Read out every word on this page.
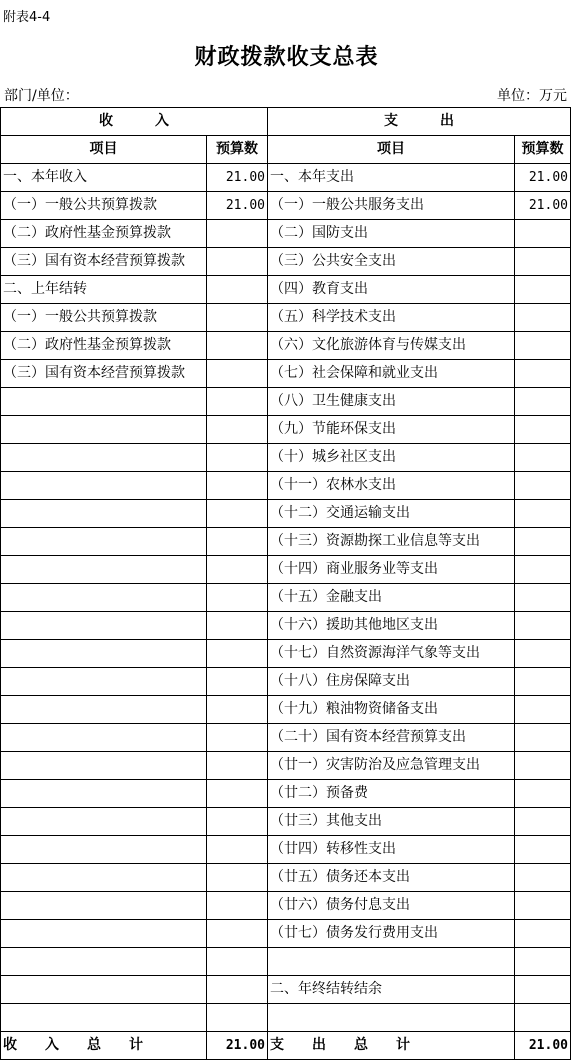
附表4-4
财政拨款收支总表
部门/单位：	单位：万元
收　　　入		支　　　出	
项目	预算数	项目	预算数
一、本年收入	21.00	一、本年支出	21.00
（一）一般公共预算拨款	21.00	（一）一般公共服务支出	21.00
（二）政府性基金预算拨款		（二）国防支出	
（三）国有资本经营预算拨款		（三）公共安全支出	
二、上年结转		（四）教育支出	
（一）一般公共预算拨款		（五）科学技术支出	
（二）政府性基金预算拨款		（六）文化旅游体育与传媒支出	
（三）国有资本经营预算拨款		（七）社会保障和就业支出	
		（八）卫生健康支出	
		（九）节能环保支出	
		（十）城乡社区支出	
		（十一）农林水支出	
		（十二）交通运输支出	
		（十三）资源勘探工业信息等支出	
		（十四）商业服务业等支出	
		（十五）金融支出	
		（十六）援助其他地区支出	
		（十七）自然资源海洋气象等支出	
		（十八）住房保障支出	
		（十九）粮油物资储备支出	
		（二十）国有资本经营预算支出	
		（廿一）灾害防治及应急管理支出	
		（廿二）预备费	
		（廿三）其他支出	
		（廿四）转移性支出	
		（廿五）债务还本支出	
		（廿六）债务付息支出	
		（廿七）债务发行费用支出	

		二、年终结转结余	

收　　入　　总　　计	21.00	支　　出　　总　　计	21.00
